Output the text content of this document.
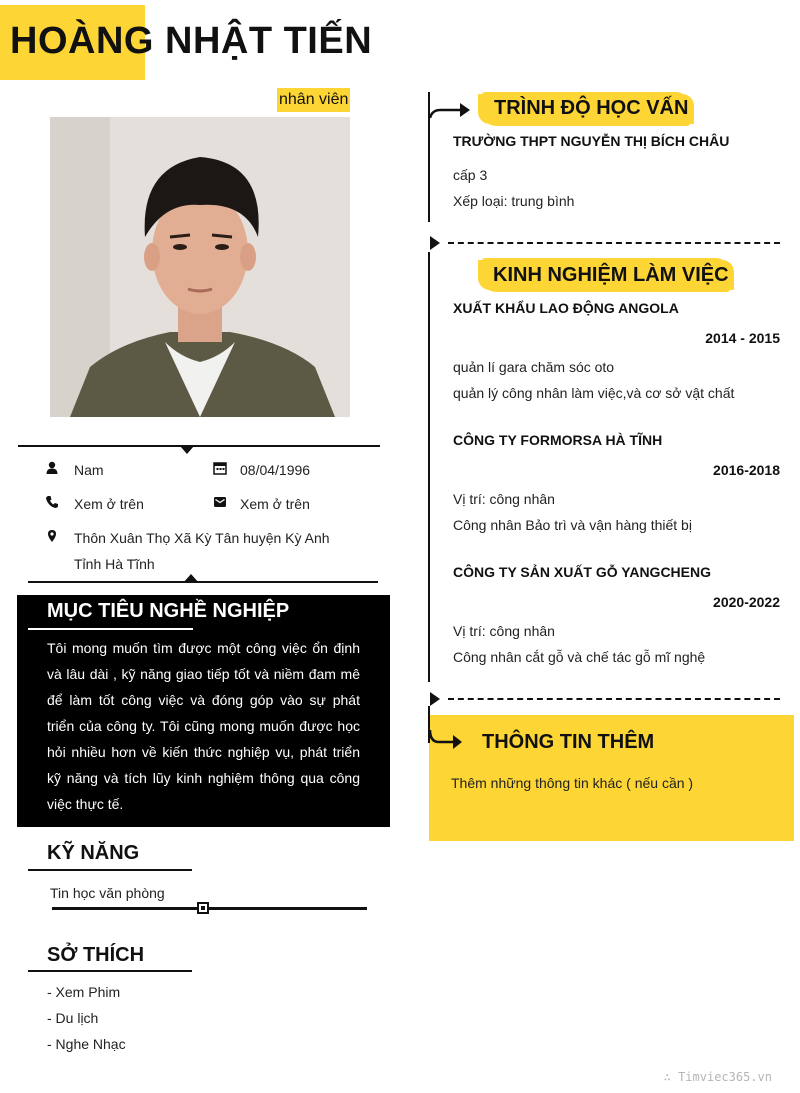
HOÀNG NHẬT TIẾN
nhân viên
Nam	08/04/1996
Xem ở trên	Xem ở trên
Thôn Xuân Thọ Xã Kỳ Tân huyện Kỳ Anh
Tỉnh Hà Tĩnh
MỤC TIÊU NGHỀ NGHIỆP
Tôi mong muốn tìm được một công việc ổn định và lâu dài , kỹ năng giao tiếp tốt và niềm đam mê để làm tốt công việc và đóng góp vào sự phát triển của công ty. Tôi cũng mong muốn được học hỏi nhiều hơn về kiến thức nghiệp vụ, phát triển kỹ năng và tích lũy kinh nghiệm thông qua công việc thực tế.
KỸ NĂNG
Tin học văn phòng
SỞ THÍCH
- Xem Phim
- Du lịch
- Nghe Nhạc
TRÌNH ĐỘ HỌC VẤN
TRƯỜNG THPT NGUYỄN THỊ BÍCH CHÂU
cấp 3
Xếp loại: trung bình
KINH NGHIỆM LÀM VIỆC
XUẤT KHẨU LAO ĐỘNG ANGOLA
2014 - 2015
quản lí gara chăm sóc oto
quản lý công nhân làm việc,và cơ sở vật chất
CÔNG TY FORMORSA HÀ TĨNH
2016-2018
Vị trí: công nhân
Công nhân Bảo trì và vận hàng thiết bị
CÔNG TY SẢN XUẤT GỖ YANGCHENG
2020-2022
Vị trí: công nhân
Công nhân cắt gỗ và chế tác gỗ mĩ nghệ
THÔNG TIN THÊM
Thêm những thông tin khác ( nếu cần )
∴ Timviec365.vn
